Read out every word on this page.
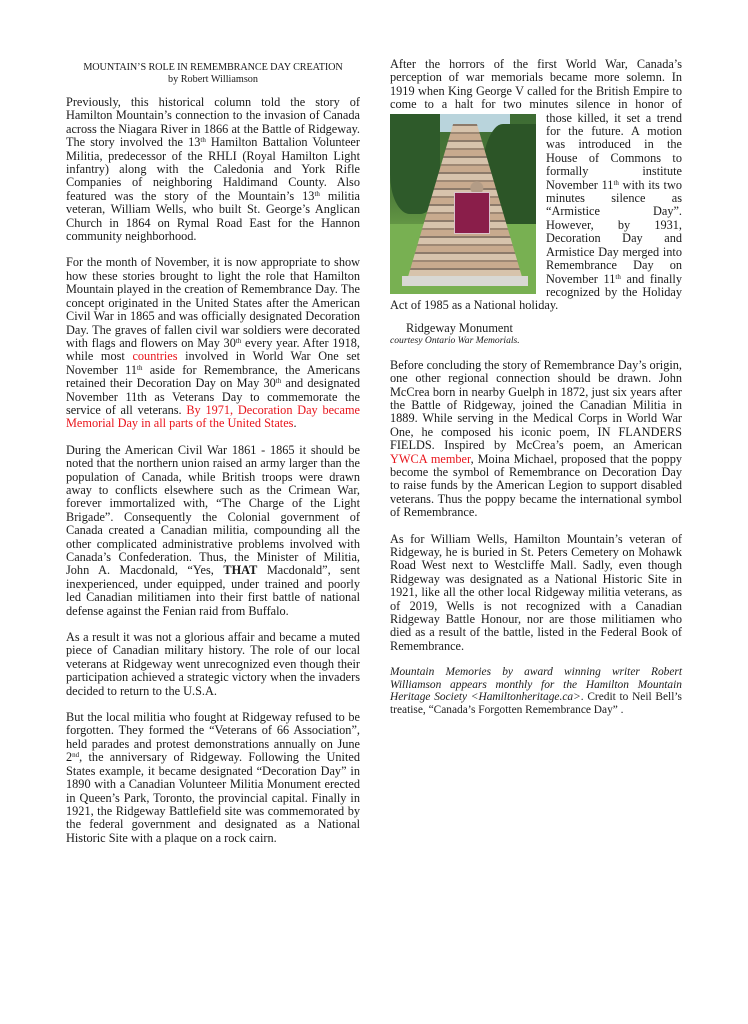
MOUNTAIN’S ROLE IN REMEMBRANCE DAY CREATION
by Robert Williamson

Previously, this historical column told the story of Hamilton Mountain’s connection to the invasion of Canada across the Niagara River in 1866 at the Battle of Ridgeway. The story involved the 13th Hamilton Battalion Volunteer Militia, predecessor of the RHLI (Royal Hamilton Light infantry) along with the Caledonia and York Rifle Companies of neighboring Haldimand County. Also featured was the story of the Mountain’s 13th militia veteran, William Wells, who built St. George’s Anglican Church in 1864 on Rymal Road East for the Hannon community neighborhood.

For the month of November, it is now appropriate to show how these stories brought to light the role that Hamilton Mountain played in the creation of Remembrance Day. The concept originated in the United States after the American Civil War in 1865 and was officially designated Decoration Day. The graves of fallen civil war soldiers were decorated with flags and flowers on May 30th every year. After 1918, while most countries involved in World War One set November 11th aside for Remembrance, the Americans retained their Decoration Day on May 30th and designated November 11th as Veterans Day to commemorate the service of all veterans. By 1971, Decoration Day became Memorial Day in all parts of the United States.

During the American Civil War 1861 - 1865 it should be noted that the northern union raised an army larger than the population of Canada, while British troops were drawn away to conflicts elsewhere such as the Crimean War, forever immortalized with, “The Charge of the Light Brigade”. Consequently the Colonial government of Canada created a Canadian militia, compounding all the other complicated administrative problems involved with Canada’s Confederation. Thus, the Minister of Militia, John A. Macdonald, “Yes, THAT Macdonald”, sent inexperienced, under equipped, under trained and poorly led Canadian militiamen into their first battle of national defense against the Fenian raid from Buffalo.

As a result it was not a glorious affair and became a muted piece of Canadian military history. The role of our local veterans at Ridgeway went unrecognized even though their participation achieved a strategic victory when the invaders decided to return to the U.S.A.

But the local militia who fought at Ridgeway refused to be forgotten. They formed the “Veterans of 66 Association”, held parades and protest demonstrations annually on June 2nd, the anniversary of Ridgeway. Following the United States example, it became designated “Decoration Day” in 1890 with a Canadian Volunteer Militia Monument erected in Queen’s Park, Toronto, the provincial capital. Finally in 1921, the Ridgeway Battlefield site was commemorated by the federal government and designated as a National Historic Site with a plaque on a rock cairn.

After the horrors of the first World War, Canada’s perception of war memorials became more solemn. In 1919 when King George V called for the British Empire to come to a halt for two minutes silence in honor of
those killed, it set a trend for the future. A motion was introduced in the House of Commons to formally institute November 11th with its two minutes silence as “Armistice Day”. However, by 1931, Decoration Day and Armistice Day merged into Remembrance Day on November 11th and finally recognized by the Holiday Act of 1985 as a National holiday.
Ridgeway Monument
courtesy Ontario War Memorials.

Before concluding the story of Remembrance Day’s origin, one other regional connection should be drawn. John McCrea born in nearby Guelph in 1872, just six years after the Battle of Ridgeway, joined the Canadian Militia in 1889. While serving in the Medical Corps in World War One, he composed his iconic poem, IN FLANDERS FIELDS. Inspired by McCrea’s poem, an American YWCA member, Moina Michael, proposed that the poppy become the symbol of Remembrance on Decoration Day to raise funds by the American Legion to support disabled veterans. Thus the poppy became the international symbol of Remembrance.

As for William Wells, Hamilton Mountain’s veteran of Ridgeway, he is buried in St. Peters Cemetery on Mohawk Road West next to Westcliffe Mall. Sadly, even though Ridgeway was designated as a National Historic Site in 1921, like all the other local Ridgeway militia veterans, as of 2019, Wells is not recognized with a Canadian Ridgeway Battle Honour, nor are those militiamen who died as a result of the battle, listed in the Federal Book of Remembrance.

Mountain Memories by award winning writer Robert Williamson appears monthly for the Hamilton Mountain Heritage Society <Hamiltonheritage.ca>. Credit to Neil Bell’s treatise, “Canada’s Forgotten Remembrance Day” .
